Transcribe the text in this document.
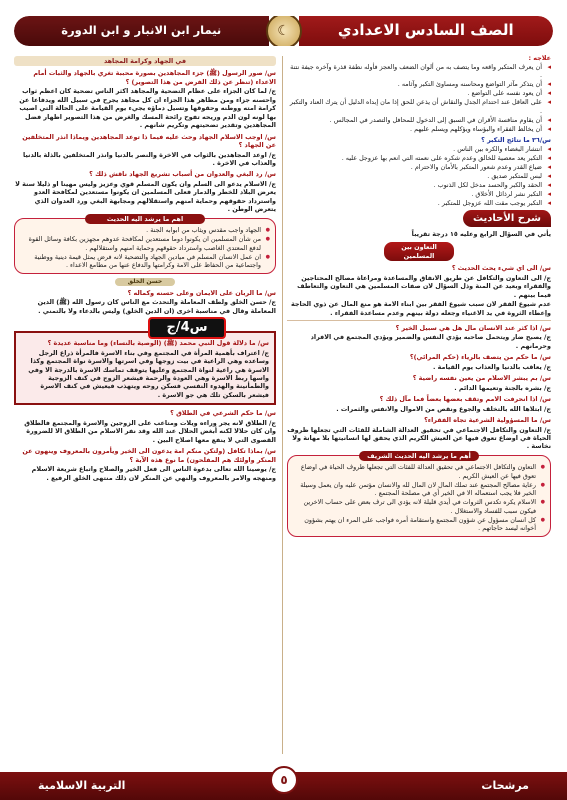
الصف السادس الاعدادي
☾
نيمار ابن الانبار و ابن الدورة
علاجه :
◂ أن يعرف المتكبر واقعه وما يتصف به من ألوان الضعف والعجز فأوله نطفة قذرة وآخره جيفة نتنة .
◂ أن يتذكر مآثر التواضع ومحاسنه ومساوئ التكبر وآثامه .
◂ أن يعود نفسه على التواضع .
◂ على العاقل عند احتدام الجدل والنقاش أن يذعن للحق إذا مان إبداه الدليل أن يترك العناد والتكبر .
◂ أن يقاوم منافسة الأقران في السبق إلى الدخول للمحافل والتصدر في المجالس .
◂ أن يخالط الفقراء والبؤساء ويؤكلهم ويسلم عليهم .
س/٣٦ ما نتائج التكبر ؟
◂ انتشار البغضاء والكره بين الناس .
◂ التكبر يعد معصية للخالق وعدم شكره على نعمته التي انعم بها عزوجل عليه .
◂ ضياع القدر وعدم شعور المتكبر بالأمان والاحترام .
◂ لبس للمتكبر صديق .
◂ الحقد والكبر والحسد مدخل لكل الذنوب .
◂ التكبر نشر لرذائل الأخلاق .
◂ التكبر يوجب مقت الله عزوجل للمتكبر .
شرح الأحاديث
يأتي في السؤال الرابع وعليه ١٥ درجة تقريباً
التعاون بين المسلمين
س/ الى اي شيء يحث الحديث ؟

ج/ الى التعاون والتكافل عن طريق الانفاق والمساعدة ومراعاة مصالح المحتاجين والفقراء وبعيد عن المنة وذل السؤال لان صفات المسلمين هي التعاون والتعاطف فيما بينهم .

عدم شيوع الفقر لان سبب شيوع الفقر بين ابناء الامة هو منع المال عن ذوي الحاجة وإعطاء الثروة في يد الاغنياء وجعله دولة بينهم وعدم مساعدة الفقراء .

س/ اذا كثر عند الانسان مال هل هي سبيل الخير ؟

ج/ يصبح ضار ويتحمل صاحبه يؤدي النفس والضمير ويؤدي المجتمع في الافراد وحرمانهم .

س/ ما حكم من يتصف بالرياء (حكم المرائي)؟

ج/ يعاقب بالدنيا والعذاب يوم القيامة .

س/ بم يبشر الاسلام من يعين نفسه راضية ؟

ج/ بشره بالجنة وتعيمها الدائم .

س/ اذا انحرفت الامم وتقف بعضها بعضاً فما مآل ذلك ؟

ج/ ابتلاها الله بالتخلف والجوع ونقص من الاموال والانفس والثمرات .

س/ ما المسؤولية الشرعية تجاه الفقراء؟

ج/ التعاون والتكافل الاجتماعي في تحقيق العدالة الشاملة للفئات التي تجعلها ظروف الحياة في اوضاع تعوق فيها عن العيش الكريم الذي يحقق لها انسانيتها بلا مهانة ولا نخاسة .

أهم ما يرشد اليه الحديث الشريف
● التعاون والتكافل الاجتماعي في تحقيق العدالة للفئات التي تجعلها ظروف الحياة في اوضاع تعوق فيها عن العيش الكريم .
● رعاية مصالح المجتمع عند تملك المال لان المال لله والانسان مؤتمن عليه وان يعمل وسيلة الخير فلا يجب استعماله الا في الخير أي في مصلحة المجتمع .
● الاسلام يكره تكدس الثروات في أيدي قليلة لانه يؤدي الى ترف بعض على حساب الاخرين فيكون سبب للفساد والاستغلال .
● كل انسان مسؤول عن شؤون المجتمع واستقامة أمره فواجب على المرء ان يهتم بشؤون أخوانه ليسد حاجاتهم .
في الجهاد وكرامة المجاهد
س/ صور الرسول (ﷺ) جزء المجاهدين بصورة محببة تغري بالجهاد والثبات أمام الاعداء (تنظر عن ذلك الفرض من هذا التصوير) ؟

ج/ لما كان الجزاء على عظام التضحية والمجاهد اكثر الناس تضحية كان اعظم ثواب واحسنه جزاء ومن مظاهر هذا الجزاء ان كل مجاهد يجرح في سبيل الله ويدفاعا عن كرامة امته ووطنه وحقوقها وتسيل دماؤه يجيء يوم القيامة على الحالة التي اصيب بها لونه لون الدم وريحه تفوح رائحة المسك والغرض من هذا التصوير اظهار فضل المجاهدين وتقدير تضحيتهم وتكريم شانهم .

س/ اوجب الاسلام الجهاد وحث عليه فيما ذا توعد المجاهدين ويماذا انذر المتخلفين عن الجهاد ؟

ج/ اوعد المجاهدين بالثواب في الاخرة والنصر بالدنيا وانذر المتخلفين بالذلة بالدنيا والعذاب في الاخرة .

س/ رد البغي والعدوان من أسباب تشريع الجهاد ناقش ذلك ؟

ج/ الاسلام يدعو الى السلم وان يكون المسلم قوي وعزيز وليس مهينا او ذليلا سنة لا يعرض البلاد للخطر والدمار فعلى المسلمين ان يكونوا مستعدين لمكافحة العدو واسترداد حقوقهم وحماية امنهم واستقلالهم ومجابهة البغي ورد العدوان الذي يتعرض الوطن .

اهم ما يرشد اليه الحديث
● الجهاد واجب مقدس ويثاب من ابوابه الجنة .
● من شأن المسلمين ان يكونوا دوما مستعدين لمكافحة عدوهم مجهزين بكافة وسائل القوة لدفع المعتدي الغاصب واسترداد حقوقهم وحماية امنهم واستقلالهم .
● ان عمل الانسان المسلم في ميادين الجهاد والتضحية لانه فرض يمثل قيمة دينية ووطنية واجتماعية من الحفاظ على الامة وكرامتها والدفاع عنها من مطامع الاعداء .
حسن الخلق
س/ ما الربان على الايمان وعلى حسنه وكماله ؟

ج/ حسن الخلق ولطف المعاملة والتحدث مع الناس كان رسول الله (ﷺ) الدين المعاملة وقال في مناسبة اخرى (ان الدين الخلق) وليس بالدعاء ولا بالتمني .

س4/ج
س/ ما دلالة قول النبي محمد (ﷺ) (الوصية بالنساء) وما مناسبة عديدة ؟

ج/ اعتراف بأهمية المرأة في المجتمع وفي بناء الاسرة فالمرأة ذراع الرجل وساعده وهي الراعية في بيت زوجها وفي اسرتها والاسرة نواة المجتمع وكذا الاسرة هي راعية لنواة المجتمع وعليها يتوقف تماسك الاسرة بالدرجة الا وفي واسها ربط الاسرة وهي العودة والرحمة فيشعر الزوج في كنف الزوجية والطمأنينة والهدوء النفسي فسكن روحه ويتهذب فيعيش في كنف الاسرة فيشعر بالسكن تلك هي جو الاسرة .

س/ ما حكم الشرعي في الطلاق ؟

ج/ الطلاق لانه يجر وراءه ويلات ومتاعب على الزوجين والاسرة والمجتمع فالطلاق وان كان حلالا لكنه أبغض الحلال عند الله وقد نفر الاسلام من الطلاق الا للضرورة القصوى التي لا ينفع معها اصلاح البين .

س/ بماذا تكافل (ولتكن منكم امة يدعون الى الخير ويأمرون بالمعروف وينهون عن المنكر واولئك هم المفلحون) ما نوع هذه الآية ؟

ج/ يوصينا الله تعالى بدعوة الناس الى فعل الخير والصلاح واتباع شريعة الاسلام ومنهجه والامر بالمعروف والنهي عن المنكر لان ذلك منتهى الخلق الرفيع .

مرشحات
التربية الاسلامية	٥
